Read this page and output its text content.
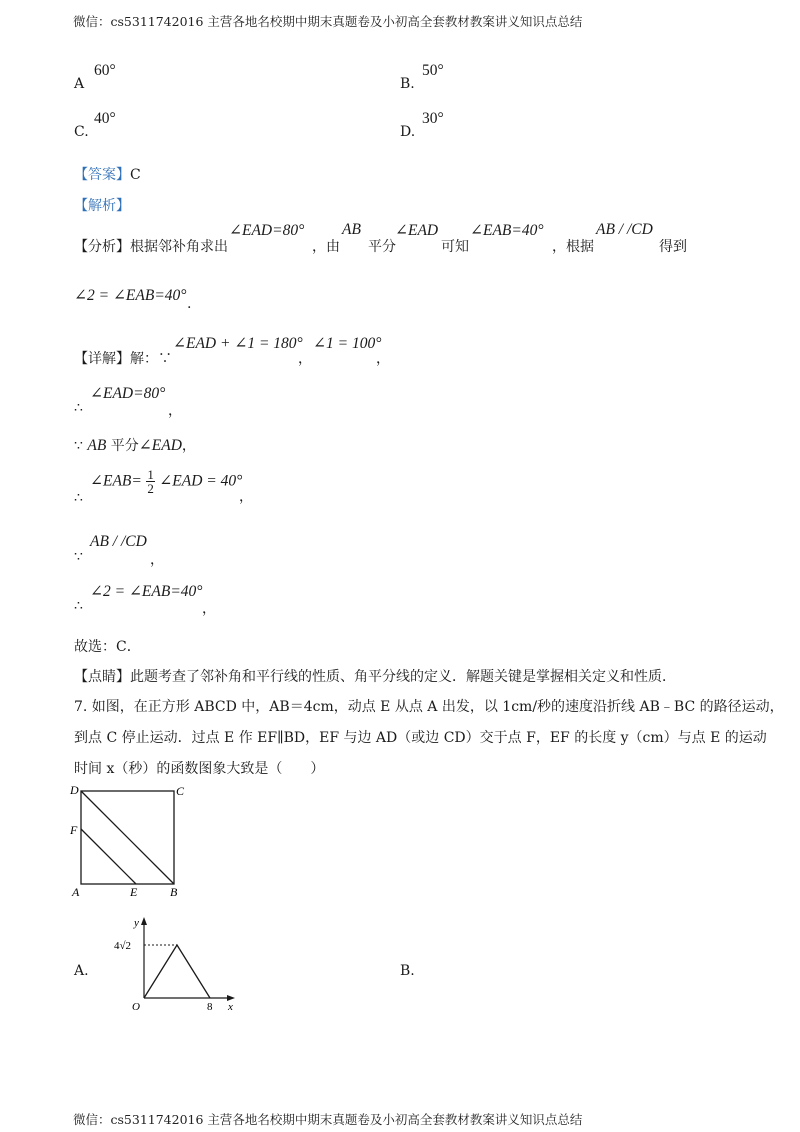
微信：cs5311742016 主营各地名校期中期末真题卷及小初高全套教材教案讲义知识点总结
A
60°
B.
50°
C.
40°
D.
30°
【答案】C
【解析】
【分析】根据邻补角求出
∠EAD=80°
，由
AB
平分
∠EAD
可知
∠EAB=40°
，根据
AB / /CD
得到
∠2 = ∠EAB=40° .
【详解】解：∵
∠EAD + ∠1 = 180°
，
∠1 = 100°
，
∴
∠EAD=80°
，
∵ AB 平分∠EAD，
∴
∠EAB= $\frac{1}{2}$ ∠EAD = 40°
，
∵
AB / /CD
，
∴
∠2 = ∠EAB=40°
，
故选：C．
【点睛】此题考查了邻补角和平行线的性质、角平分线的定义．解题关键是掌握相关定义和性质．
7. 如图，在正方形 ABCD 中，AB＝4cm，动点 E 从点 A 出发，以 1cm/秒的速度沿折线 AB﹣BC 的路径运动，
到点 C 停止运动．过点 E 作 EF∥BD，EF 与边 AD（或边 CD）交于点 F，EF 的长度 y（cm）与点 E 的运动
时间 x（秒）的函数图象大致是（　　）
D	C
F
A	E	B
A.
y
x
O
4√2
8
B.
微信：cs5311742016 主营各地名校期中期末真题卷及小初高全套教材教案讲义知识点总结
